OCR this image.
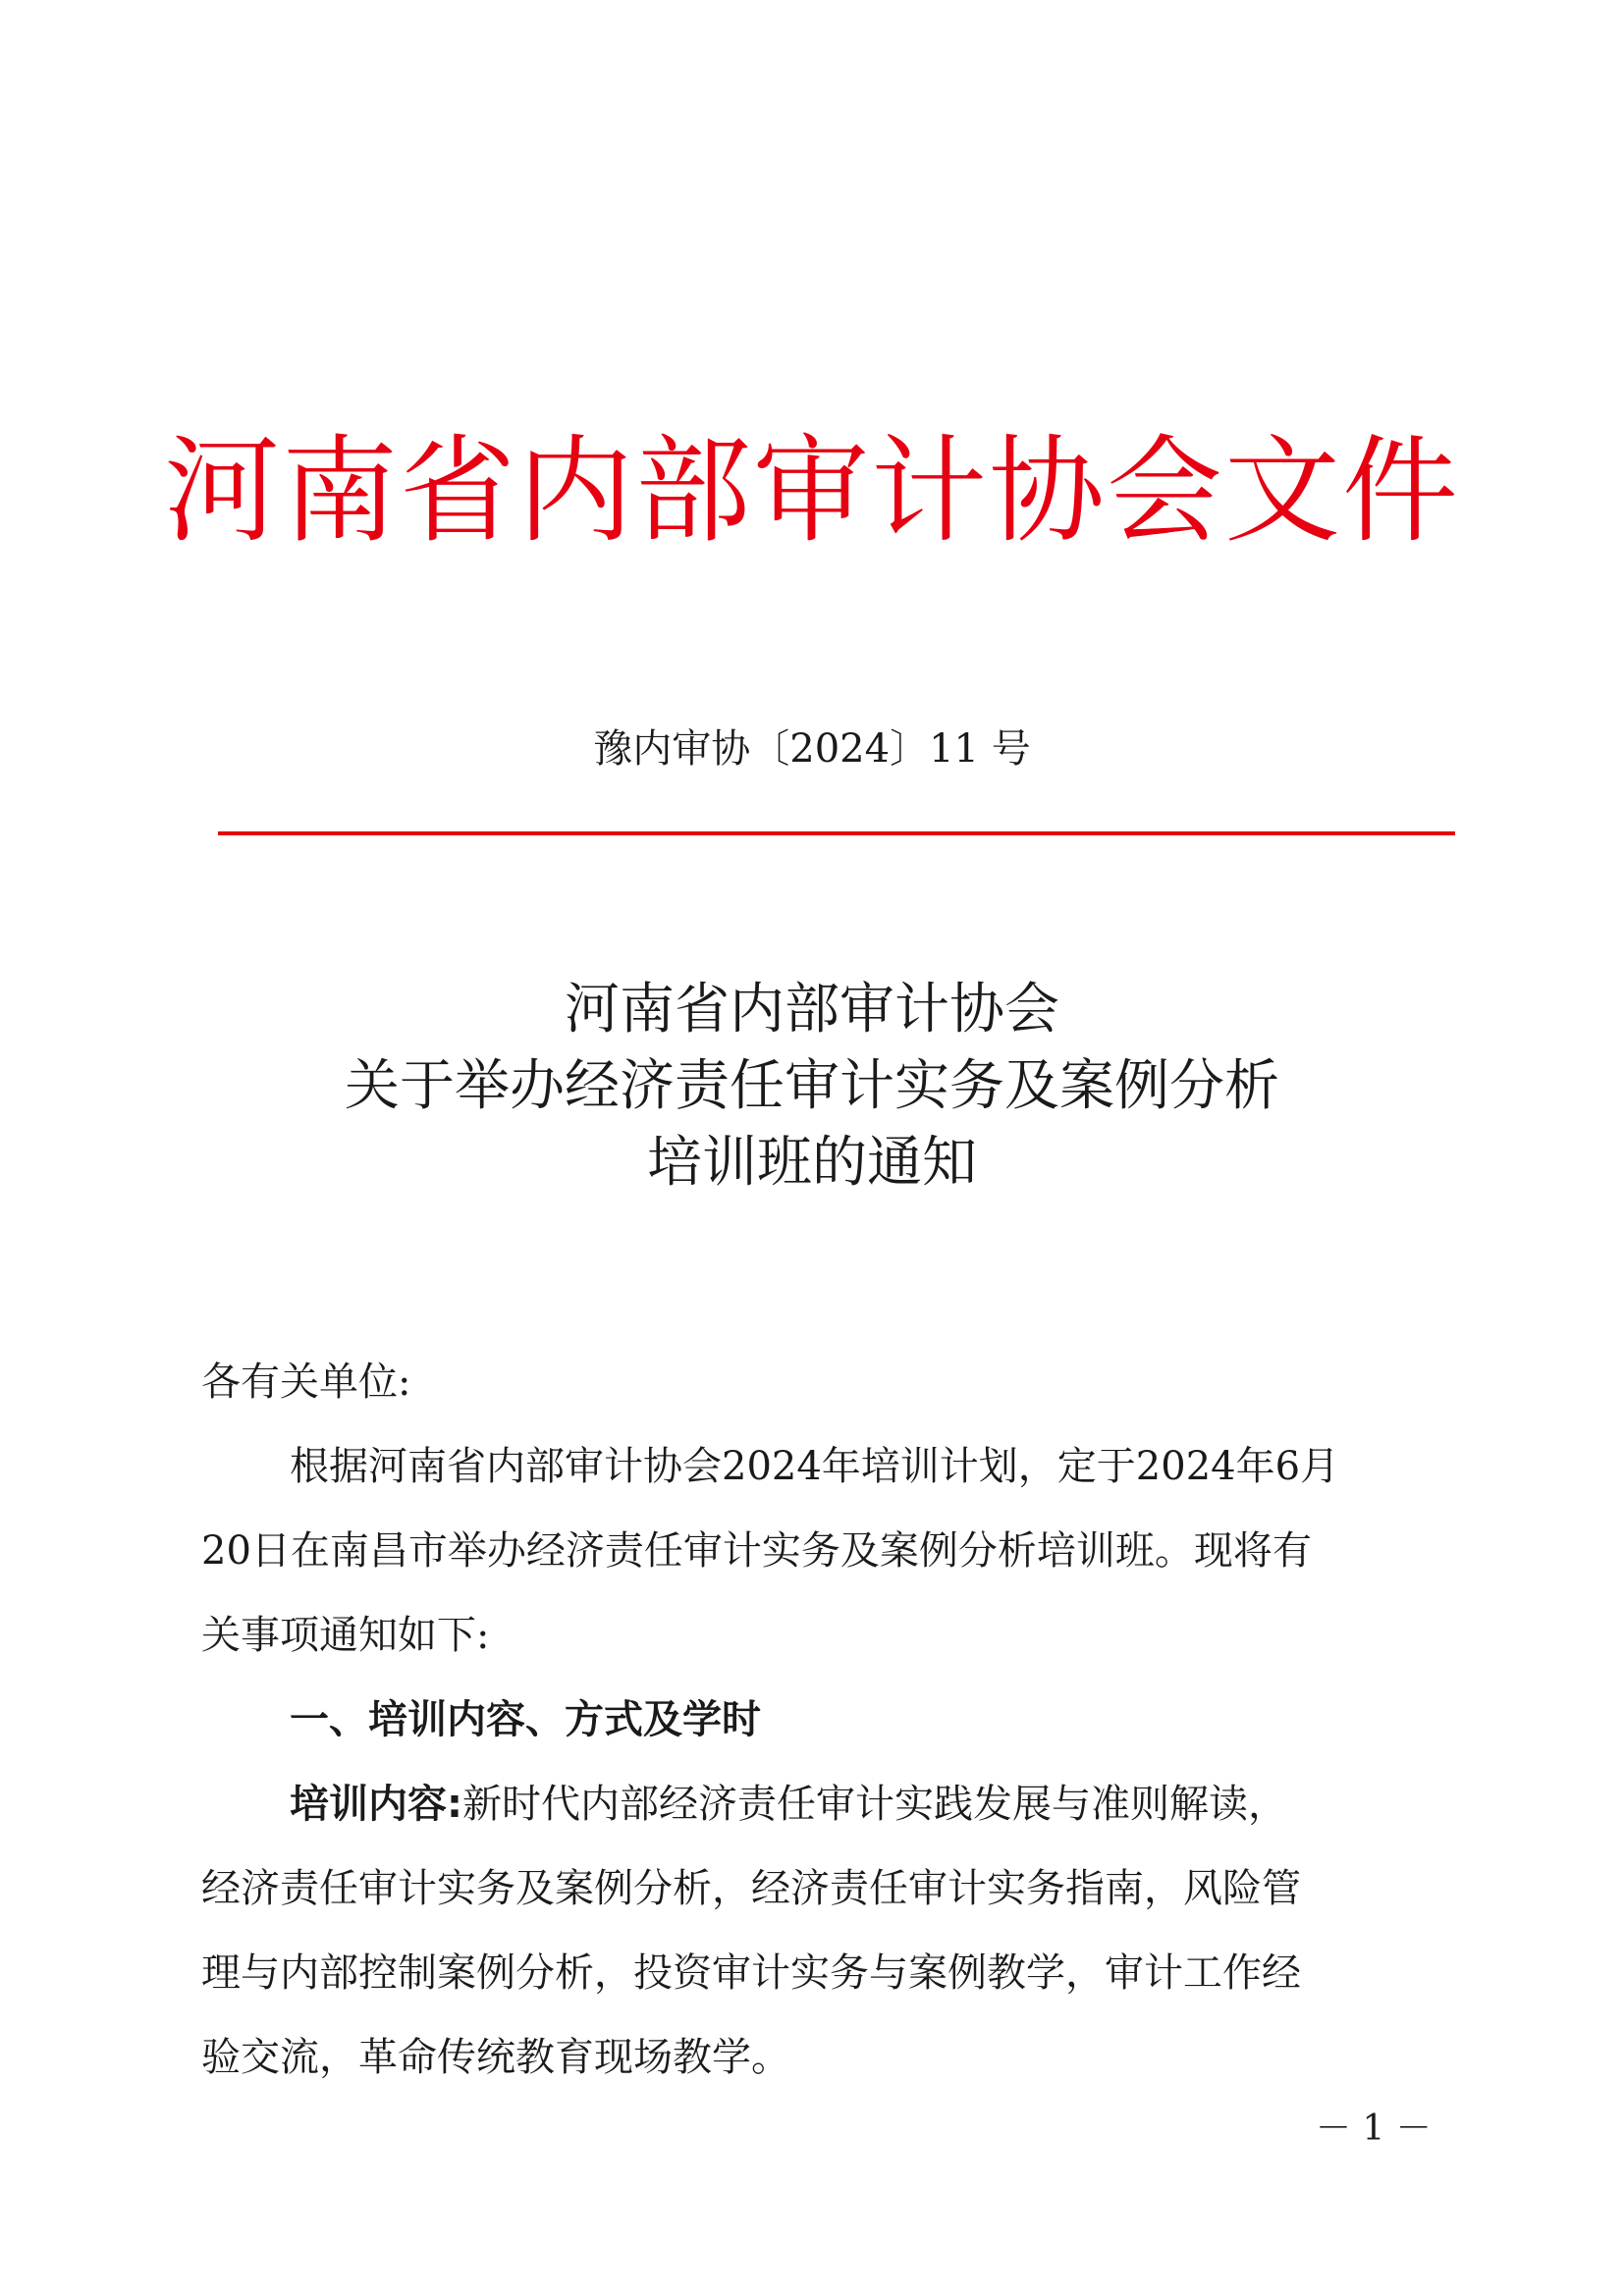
河南省内部审计协会文件
豫内审协〔2024〕11 号
河南省内部审计协会
关于举办经济责任审计实务及案例分析
培训班的通知
各有关单位:
根据河南省内部审计协会2024年培训计划，定于2024年6月
20日在南昌市举办经济责任审计实务及案例分析培训班。现将有
关事项通知如下:
一、培训内容、方式及学时
培训内容:新时代内部经济责任审计实践发展与准则解读，
经济责任审计实务及案例分析，经济责任审计实务指南，风险管
理与内部控制案例分析，投资审计实务与案例教学，审计工作经
验交流，革命传统教育现场教学。
－ 1 －
